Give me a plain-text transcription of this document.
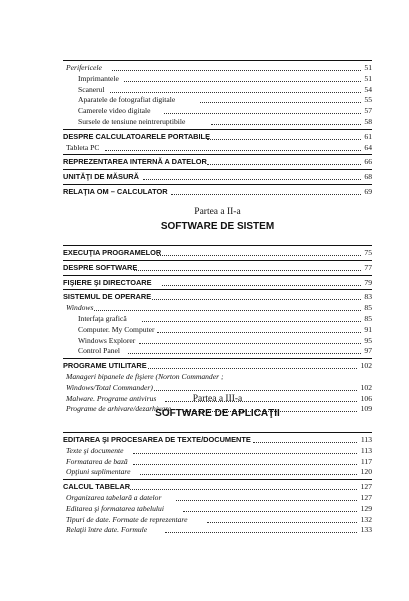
Perifericele	51
Imprimantele	51
Scanerul	54
Aparatele de fotografiat digitale	55
Camerele video digitale	57
Sursele de tensiune neintreruptibile	58
DESPRE CALCULATOARELE PORTABILE	61
Tableta PC	64
REPREZENTAREA INTERNĂ A DATELOR	66
UNITĂŢI DE MĂSURĂ	68
RELAŢIA OM – CALCULATOR	69
Partea a II-a
SOFTWARE DE SISTEM
EXECUŢIA PROGRAMELOR	75
DESPRE SOFTWARE	77
FIŞIERE ŞI DIRECTOARE	79
SISTEMUL DE OPERARE	83
Windows	85
Interfaţa grafică	85
Computer. My Computer	91
Windows Explorer	95
Control Panel	97
PROGRAME UTILITARE	102
Manageri bipanele de fişiere (Norton Commander ;
Windows/Total Commander)	102
Malware. Programe antivirus	106
Programe de arhivare/dezarhivare	109
Partea a III-a
SOFTWARE DE APLICAŢII
EDITAREA ŞI PROCESAREA DE TEXTE/DOCUMENTE	113
Texte şi documente	113
Formatarea de bază	117
Opţiuni suplimentare	120
CALCUL TABELAR	127
Organizarea tabelară a datelor	127
Editarea şi formatarea tabelului	129
Tipuri de date. Formate de reprezentare	132
Relaţii între date. Formule	133
